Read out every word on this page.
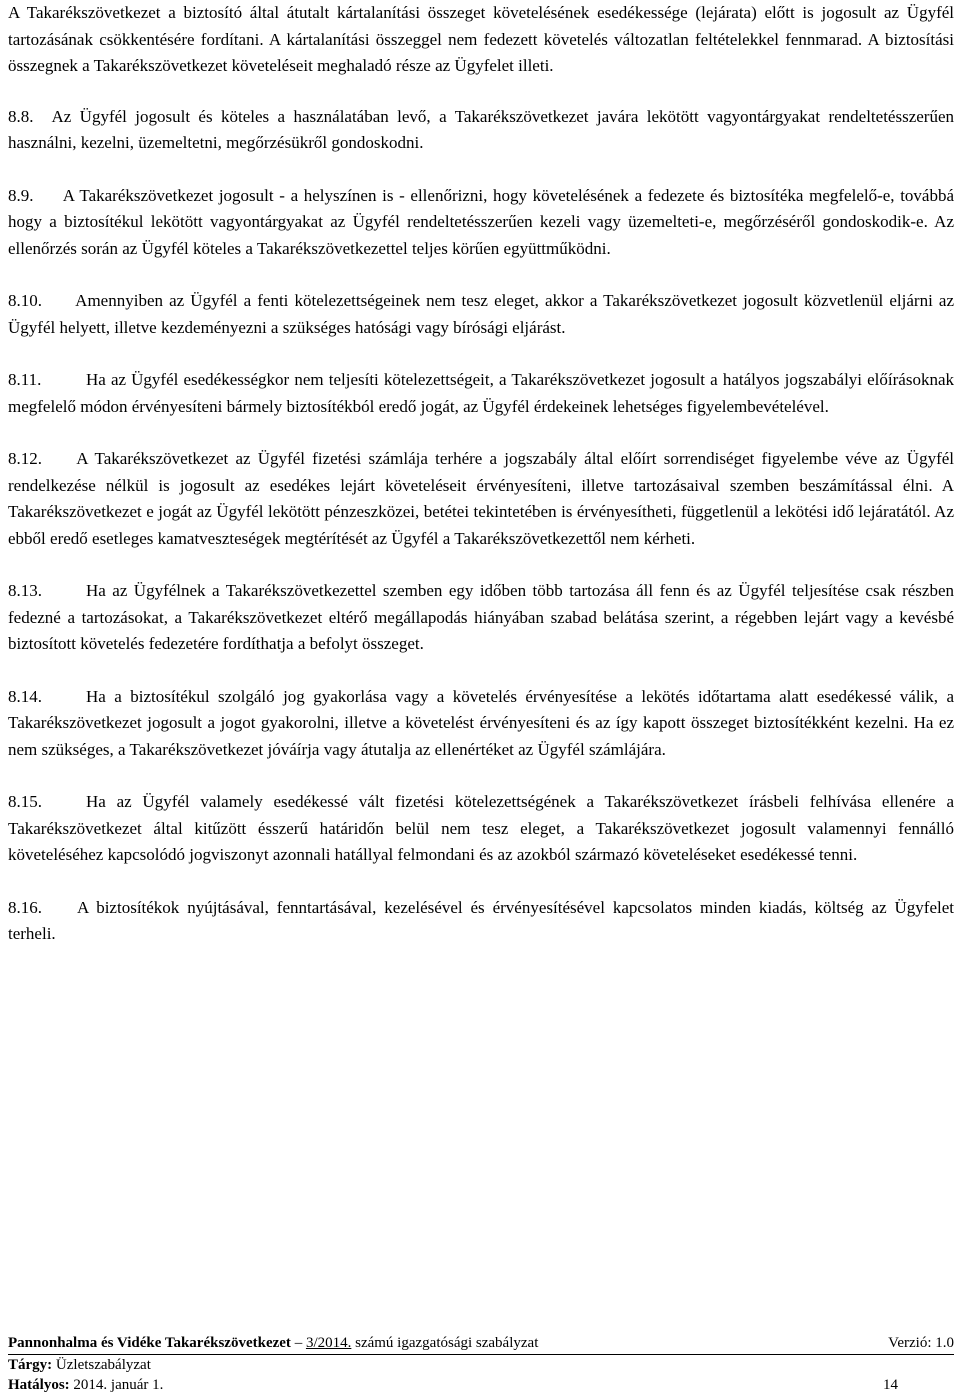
A Takarékszövetkezet a biztosító által átutalt kártalanítási összeget követelésének esedékessége (lejárata) előtt is jogosult az Ügyfél tartozásának csökkentésére fordítani. A kártalanítási összeggel nem fedezett követelés változatlan feltételekkel fennmarad. A biztosítási összegnek a Takarékszövetkezet követeléseit meghaladó része az Ügyfelet illeti.

8.8. Az Ügyfél jogosult és köteles a használatában levő, a Takarékszövetkezet javára lekötött vagyontárgyakat rendeltetésszerűen használni, kezelni, üzemeltetni, megőrzésükről gondoskodni.

8.9. A Takarékszövetkezet jogosult - a helyszínen is - ellenőrizni, hogy követelésének a fedezete és biztosítéka megfelelő-e, továbbá hogy a biztosítékul lekötött vagyontárgyakat az Ügyfél rendeltetésszerűen kezeli vagy üzemelteti-e, megőrzéséről gondoskodik-e. Az ellenőrzés során az Ügyfél köteles a Takarékszövetkezettel teljes körűen együttműködni.

8.10. Amennyiben az Ügyfél a fenti kötelezettségeinek nem tesz eleget, akkor a Takarékszövetkezet jogosult közvetlenül eljárni az Ügyfél helyett, illetve kezdeményezni a szükséges hatósági vagy bírósági eljárást.

8.11.	Ha az Ügyfél esedékességkor nem teljesíti kötelezettségeit, a Takarékszövetkezet jogosult a hatályos jogszabályi előírásoknak megfelelő módon érvényesíteni bármely biztosítékból eredő jogát, az Ügyfél érdekeinek lehetséges figyelembevételével.

8.12. A Takarékszövetkezet az Ügyfél fizetési számlája terhére a jogszabály által előírt sorrendiséget figyelembe véve az Ügyfél rendelkezése nélkül is jogosult az esedékes lejárt követeléseit érvényesíteni, illetve tartozásaival szemben beszámítással élni. A Takarékszövetkezet e jogát az Ügyfél lekötött pénzeszközei, betétei tekintetében is érvényesítheti, függetlenül a lekötési idő lejáratától. Az ebből eredő esetleges kamatveszteségek megtérítését az Ügyfél a Takarékszövetkezettől nem kérheti.

8.13.	Ha az Ügyfélnek a Takarékszövetkezettel szemben egy időben több tartozása áll fenn és az Ügyfél teljesítése csak részben fedezné a tartozásokat, a Takarékszövetkezet eltérő megállapodás hiányában szabad belátása szerint, a régebben lejárt vagy a kevésbé biztosított követelés fedezetére fordíthatja a befolyt összeget.

8.14.	Ha a biztosítékul szolgáló jog gyakorlása vagy a követelés érvényesítése a lekötés időtartama alatt esedékessé válik, a Takarékszövetkezet jogosult a jogot gyakorolni, illetve a követelést érvényesíteni és az így kapott összeget biztosítékként kezelni. Ha ez nem szükséges, a Takarékszövetkezet jóváírja vagy átutalja az ellenértéket az Ügyfél számlájára.

8.15.	Ha az Ügyfél valamely esedékessé vált fizetési kötelezettségének a Takarékszövetkezet írásbeli felhívása ellenére a Takarékszövetkezet által kitűzött ésszerű határidőn belül nem tesz eleget, a Takarékszövetkezet jogosult valamennyi fennálló követeléséhez kapcsolódó jogviszonyt azonnali hatállyal felmondani és az azokból származó követeléseket esedékessé tenni.

8.16. A biztosítékok nyújtásával, fenntartásával, kezelésével és érvényesítésével kapcsolatos minden kiadás, költség az Ügyfelet terheli.

Pannonhalma és Vidéke Takarékszövetkezet – 3/2014. számú igazgatósági szabályzat	Verzió: 1.0
Tárgy: Üzletszabályzat
Hatályos: 2014. január 1.	14
